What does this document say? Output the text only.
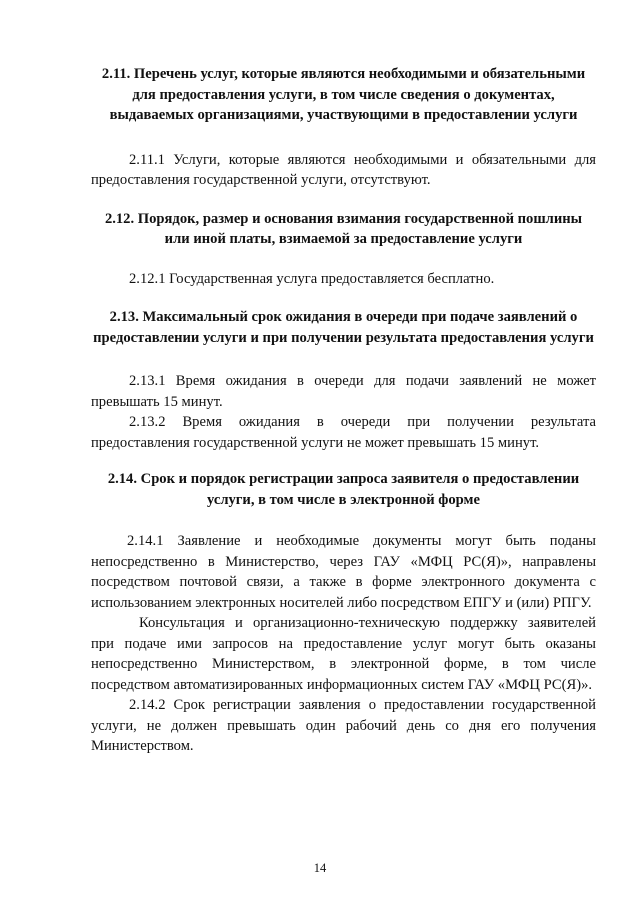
2.11. Перечень услуг, которые являются необходимыми и обязательными для предоставления услуги, в том числе сведения о документах, выдаваемых организациями, участвующими в предоставлении услуги

2.11.1 Услуги, которые являются необходимыми и обязательными для предоставления государственной услуги, отсутствуют.

2.12. Порядок, размер и основания взимания государственной пошлины или иной платы, взимаемой за предоставление услуги

2.12.1 Государственная услуга предоставляется бесплатно.

2.13. Максимальный срок ожидания в очереди при подаче заявлений о предоставлении услуги и при получении результата предоставления услуги

2.13.1 Время ожидания в очереди для подачи заявлений не может превышать 15 минут.

2.13.2 Время ожидания в очереди при получении результата предоставления государственной услуги не может превышать 15 минут.

2.14. Срок и порядок регистрации запроса заявителя о предоставлении услуги, в том числе в электронной форме

2.14.1 Заявление и необходимые документы могут быть поданы непосредственно в Министерство, через ГАУ «МФЦ РС(Я)», направлены посредством почтовой связи, а также в форме электронного документа с использованием электронных носителей либо посредством ЕПГУ и (или) РПГУ.

Консультация и организационно-техническую поддержку заявителей при подаче ими запросов на предоставление услуг могут быть оказаны непосредственно Министерством, в электронной форме, в том числе посредством автоматизированных информационных систем ГАУ «МФЦ РС(Я)».

2.14.2 Срок регистрации заявления о предоставлении государственной услуги, не должен превышать один рабочий день со дня его получения Министерством.

14
